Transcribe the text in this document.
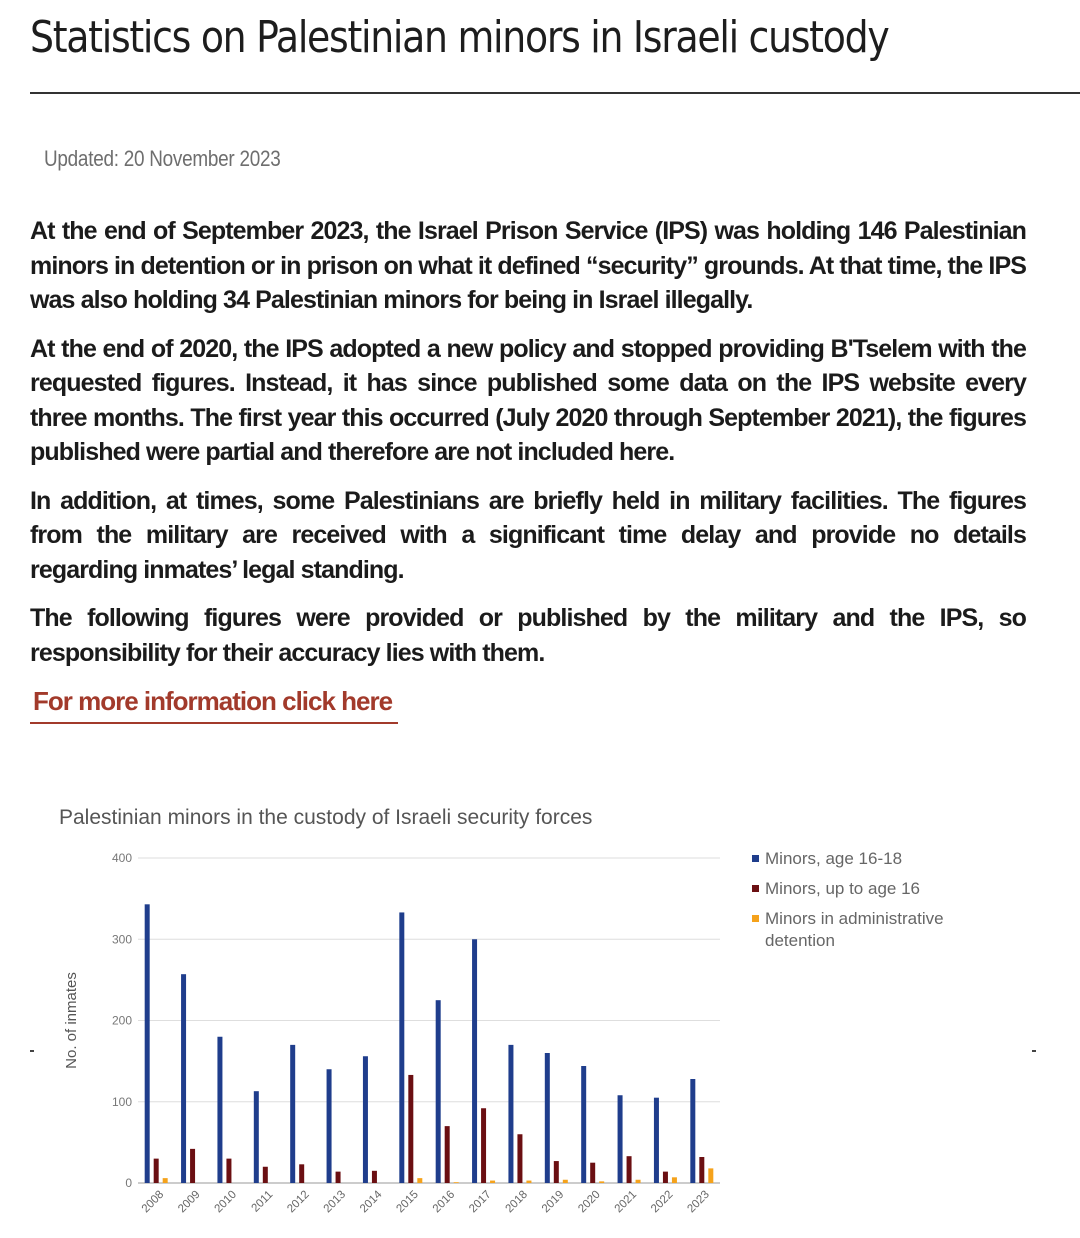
Statistics on Palestinian minors in Israeli custody
Updated: 20 November 2023

At the end of September 2023, the Israel Prison Service (IPS) was holding 146 Palestinian minors in detention or in prison on what it defined “security” grounds. At that time, the IPS was also holding 34 Palestinian minors for being in Israel illegally.

At the end of 2020, the IPS adopted a new policy and stopped providing B'Tselem with the requested figures. Instead, it has since published some data on the IPS website every three months. The first year this occurred (July 2020 through September 2021), the figures published were partial and therefore are not included here.

In addition, at times, some Palestinians are briefly held in military facilities. The figures from the military are received with a significant time delay and provide no details regarding inmates’ legal standing.

The following figures were provided or published by the military and the IPS, so responsibility for their accuracy lies with them.

For more information click here
Palestinian minors in the custody of Israeli security forces
0
100
200
300
400
No. of inmates
2008 2009 2010 2011 2012 2013 2014 2015 2016 2017 2018 2019 2020 2021 2022 2023
Minors, age 16-18
Minors, up to age 16
Minors in administrative detention
